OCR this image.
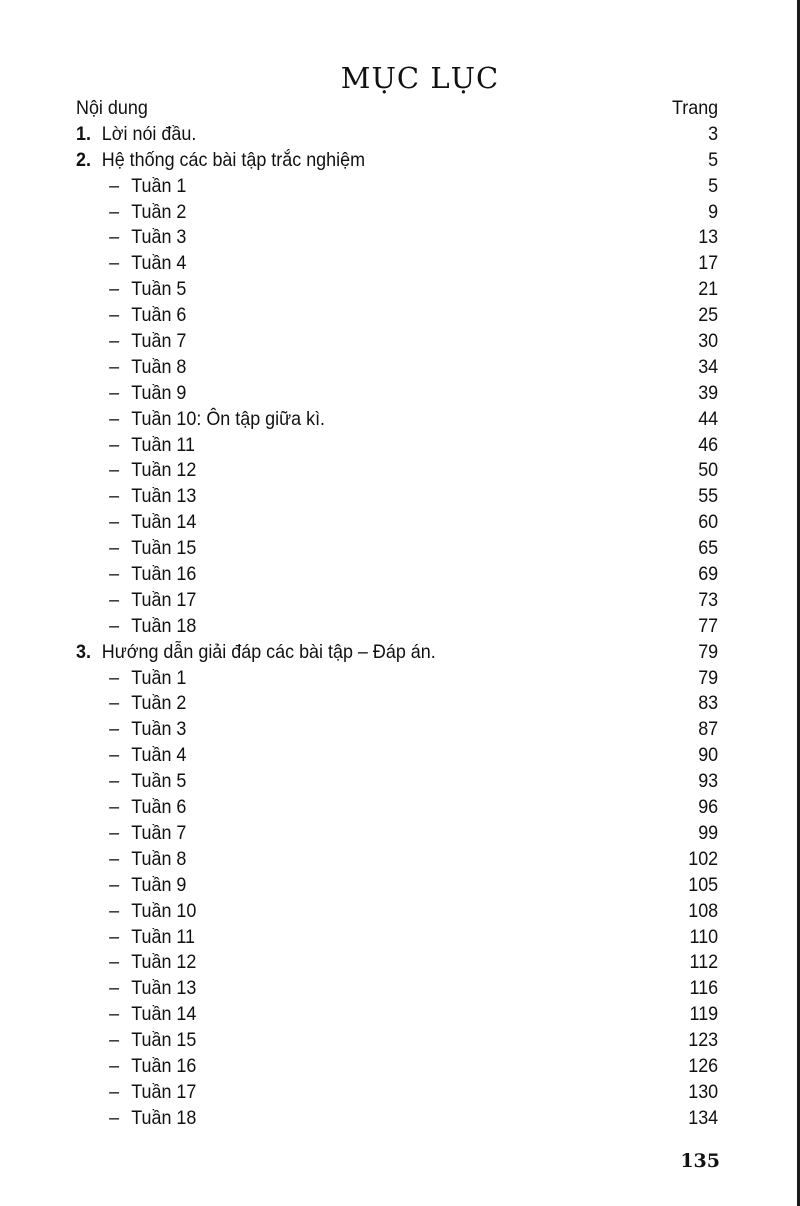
MỤC LỤC
Nội dung	Trang
1. Lời nói đầu.	3
2. Hệ thống các bài tập trắc nghiệm	5
– Tuần 1	5
– Tuần 2	9
– Tuần 3	13
– Tuần 4	17
– Tuần 5	21
– Tuần 6	25
– Tuần 7	30
– Tuần 8	34
– Tuần 9	39
– Tuần 10: Ôn tập giữa kì.	44
– Tuần 11	46
– Tuần 12	50
– Tuần 13	55
– Tuần 14	60
– Tuần 15	65
– Tuần 16	69
– Tuần 17	73
– Tuần 18	77
3. Hướng dẫn giải đáp các bài tập – Đáp án.	79
– Tuần 1	79
– Tuần 2	83
– Tuần 3	87
– Tuần 4	90
– Tuần 5	93
– Tuần 6	96
– Tuần 7	99
– Tuần 8	102
– Tuần 9	105
– Tuần 10	108
– Tuần 11	110
– Tuần 12	112
– Tuần 13	116
– Tuần 14	119
– Tuần 15	123
– Tuần 16	126
– Tuần 17	130
– Tuần 18	134
135
